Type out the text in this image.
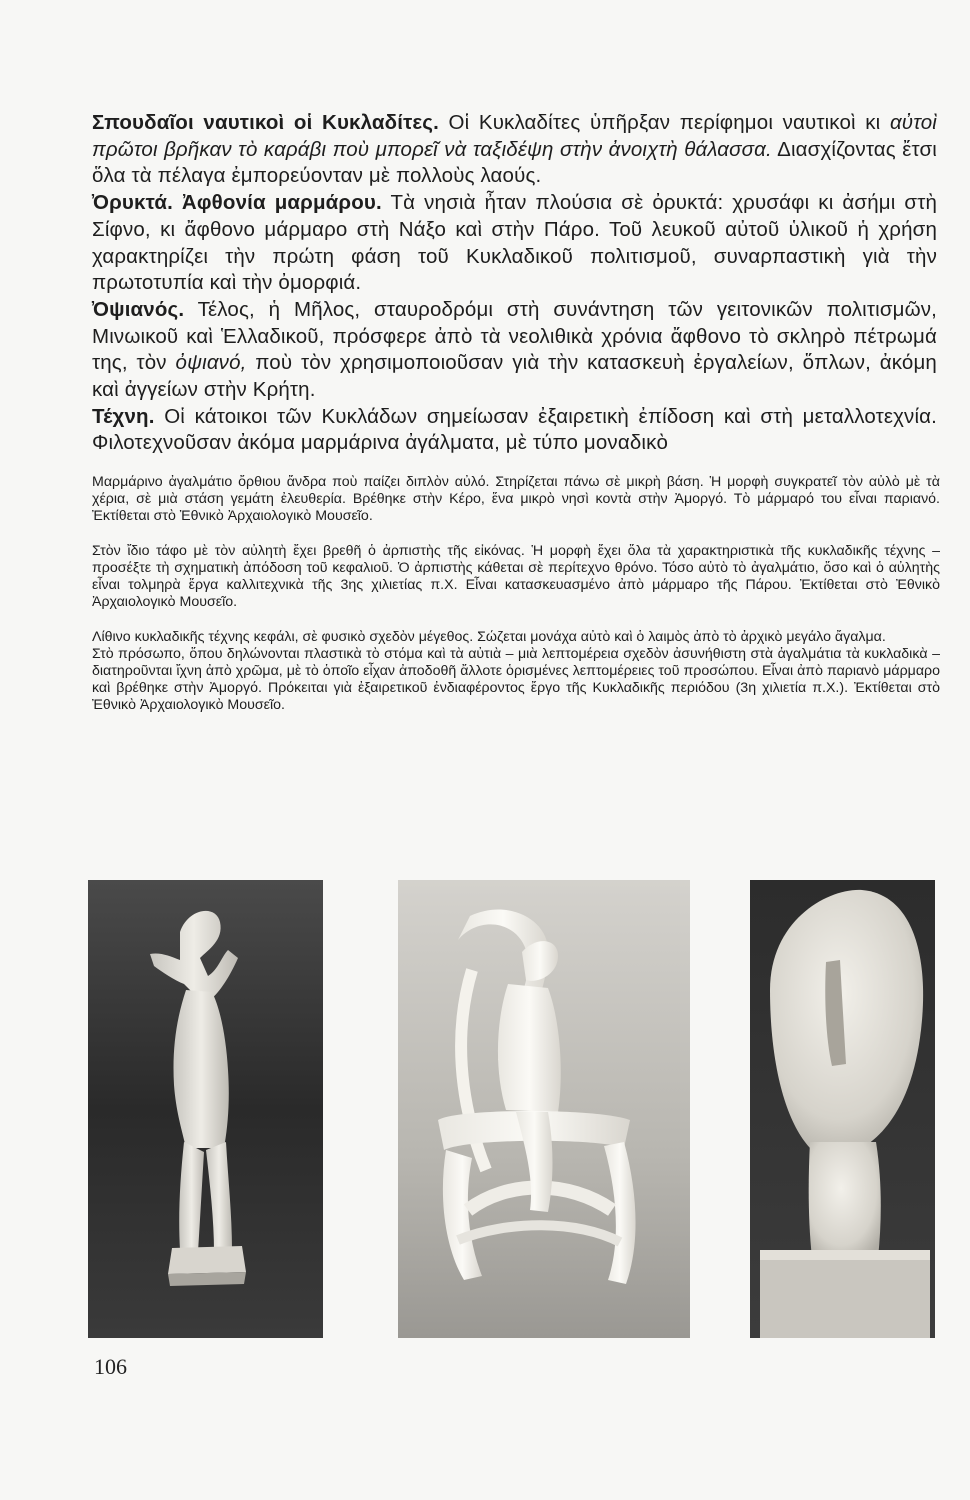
Σπουδαῖοι ναυτικοὶ οἱ Κυκλαδίτες. Οἱ Κυκλαδίτες ὑπῆρξαν περίφημοι ναυτικοὶ κι αὐτοὶ πρῶτοι βρῆκαν τὸ καράβι ποὺ μπορεῖ νὰ ταξιδέψη στὴν ἀνοιχτὴ θάλασσα. Διασχίζοντας ἔτσι ὅλα τὰ πέλαγα ἐμπορεύονταν μὲ πολλοὺς λαούς.

Ὀρυκτά. Ἀφθονία μαρμάρου. Τὰ νησιὰ ἦταν πλούσια σὲ ὀρυκτά: χρυσάφι κι ἀσήμι στὴ Σίφνο, κι ἄφθονο μάρμαρο στὴ Νάξο καὶ στὴν Πάρο. Τοῦ λευκοῦ αὐτοῦ ὑλικοῦ ἡ χρήση χαρακτηρίζει τὴν πρώτη φάση τοῦ Κυκλαδικοῦ πολιτισμοῦ, συναρπαστικὴ γιὰ τὴν πρωτοτυπία καὶ τὴν ὀμορφιά.

Ὀψιανός. Τέλος, ἡ Μῆλος, σταυροδρόμι στὴ συνάντηση τῶν γειτονικῶν πολιτισμῶν, Μινωικοῦ καὶ Ἑλλαδικοῦ, πρόσφερε ἀπὸ τὰ νεολιθικὰ χρόνια ἄφθονο τὸ σκληρὸ πέτρωμά της, τὸν ὀψιανό, ποὺ τὸν χρησιμοποιοῦσαν γιὰ τὴν κατασκευὴ ἐργαλείων, ὅπλων, ἀκόμη καὶ ἀγγείων στὴν Κρήτη.

Τέχνη. Οἱ κάτοικοι τῶν Κυκλάδων σημείωσαν ἐξαιρετικὴ ἐπίδοση καὶ στὴ μεταλλοτεχνία. Φιλοτεχνοῦσαν ἀκόμα μαρμάρινα ἀγάλματα, μὲ τύπο μοναδικὸ

Μαρμάρινο ἀγαλμάτιο ὄρθιου ἄνδρα ποὺ παίζει διπλὸν αὐλό. Στηρίζεται πάνω σὲ μικρὴ βάση. Ἡ μορφὴ συγκρατεῖ τὸν αὐλὸ μὲ τὰ χέρια, σὲ μιὰ στάση γεμάτη ἐλευθερία. Βρέθηκε στὴν Κέρο, ἕνα μικρὸ νησὶ κοντὰ στὴν Ἀμοργό. Τὸ μάρμαρό του εἶναι παριανό. Ἐκτίθεται στὸ Ἐθνικὸ Ἀρχαιολογικὸ Μουσεῖο.

Στὸν ἴδιο τάφο μὲ τὸν αὐλητὴ ἔχει βρεθῆ ὁ ἀρπιστὴς τῆς εἰκόνας. Ἡ μορφὴ ἔχει ὅλα τὰ χαρακτηριστικὰ τῆς κυκλαδικῆς τέχνης – προσέξτε τὴ σχηματικὴ ἀπόδοση τοῦ κεφαλιοῦ. Ὁ ἀρπιστὴς κάθεται σὲ περίτεχνο θρόνο. Τόσο αὐτὸ τὸ ἀγαλμάτιο, ὅσο καὶ ὁ αὐλητὴς εἶναι τολμηρὰ ἔργα καλλιτεχνικὰ τῆς 3ης χιλιετίας π.Χ. Εἶναι κατασκευασμένο ἀπὸ μάρμαρο τῆς Πάρου. Ἐκτίθεται στὸ Ἐθνικὸ Ἀρχαιολογικὸ Μουσεῖο.

Λίθινο κυκλαδικῆς τέχνης κεφάλι, σὲ φυσικὸ σχεδὸν μέγεθος. Σώζεται μονάχα αὐτὸ καὶ ὁ λαιμὸς ἀπὸ τὸ ἀρχικὸ μεγάλο ἄγαλμα.

Στὸ πρόσωπο, ὅπου δηλώνονται πλαστικὰ τὸ στόμα καὶ τὰ αὐτιὰ – μιὰ λεπτομέρεια σχεδὸν ἀσυνήθιστη στὰ ἀγαλμάτια τὰ κυκλαδικὰ – διατηροῦνται ἴχνη ἀπὸ χρῶμα, μὲ τὸ ὁποῖο εἶχαν ἀποδοθῆ ἄλλοτε ὁρισμένες λεπτομέρειες τοῦ προσώπου. Εἶναι ἀπὸ παριανὸ μάρμαρο καὶ βρέθηκε στὴν Ἀμοργό. Πρόκειται γιὰ ἐξαιρετικοῦ ἐνδιαφέροντος ἔργο τῆς Κυκλαδικῆς περιόδου (3η χιλιετία π.Χ.). Ἐκτίθεται στὸ Ἐθνικὸ Ἀρχαιολογικὸ Μουσεῖο.

106
